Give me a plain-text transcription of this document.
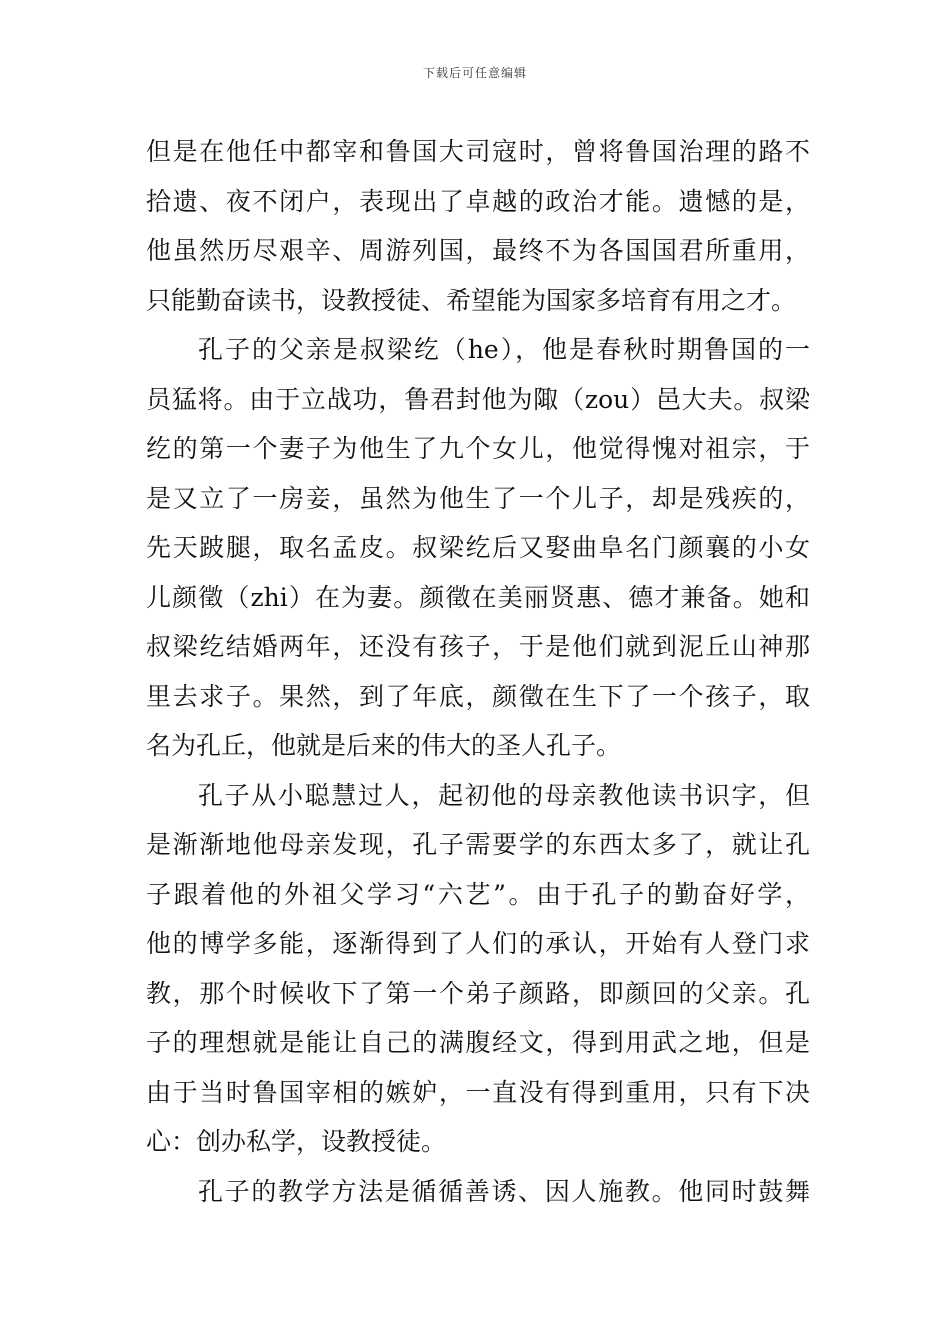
下载后可任意编辑
但是在他任中都宰和鲁国大司寇时，曾将鲁国治理的路不
拾遗、夜不闭户，表现出了卓越的政治才能。遗憾的是，
他虽然历尽艰辛、周游列国，最终不为各国国君所重用，
只能勤奋读书，设教授徒、希望能为国家多培育有用之才。
孔子的父亲是叔梁纥（he），他是春秋时期鲁国的一
员猛将。由于立战功，鲁君封他为陬（zou）邑大夫。叔梁
纥的第一个妻子为他生了九个女儿，他觉得愧对祖宗，于
是又立了一房妾，虽然为他生了一个儿子，却是残疾的，
先天跛腿，取名孟皮。叔梁纥后又娶曲阜名门颜襄的小女
儿颜徵（zhi）在为妻。颜徵在美丽贤惠、德才兼备。她和
叔梁纥结婚两年，还没有孩子，于是他们就到泥丘山神那
里去求子。果然，到了年底，颜徵在生下了一个孩子，取
名为孔丘，他就是后来的伟大的圣人孔子。
孔子从小聪慧过人，起初他的母亲教他读书识字，但
是渐渐地他母亲发现，孔子需要学的东西太多了，就让孔
子跟着他的外祖父学习“六艺”。由于孔子的勤奋好学，
他的博学多能，逐渐得到了人们的承认，开始有人登门求
教，那个时候收下了第一个弟子颜路，即颜回的父亲。孔
子的理想就是能让自己的满腹经文，得到用武之地，但是
由于当时鲁国宰相的嫉妒，一直没有得到重用，只有下决
心：创办私学，设教授徒。
孔子的教学方法是循循善诱、因人施教。他同时鼓舞
